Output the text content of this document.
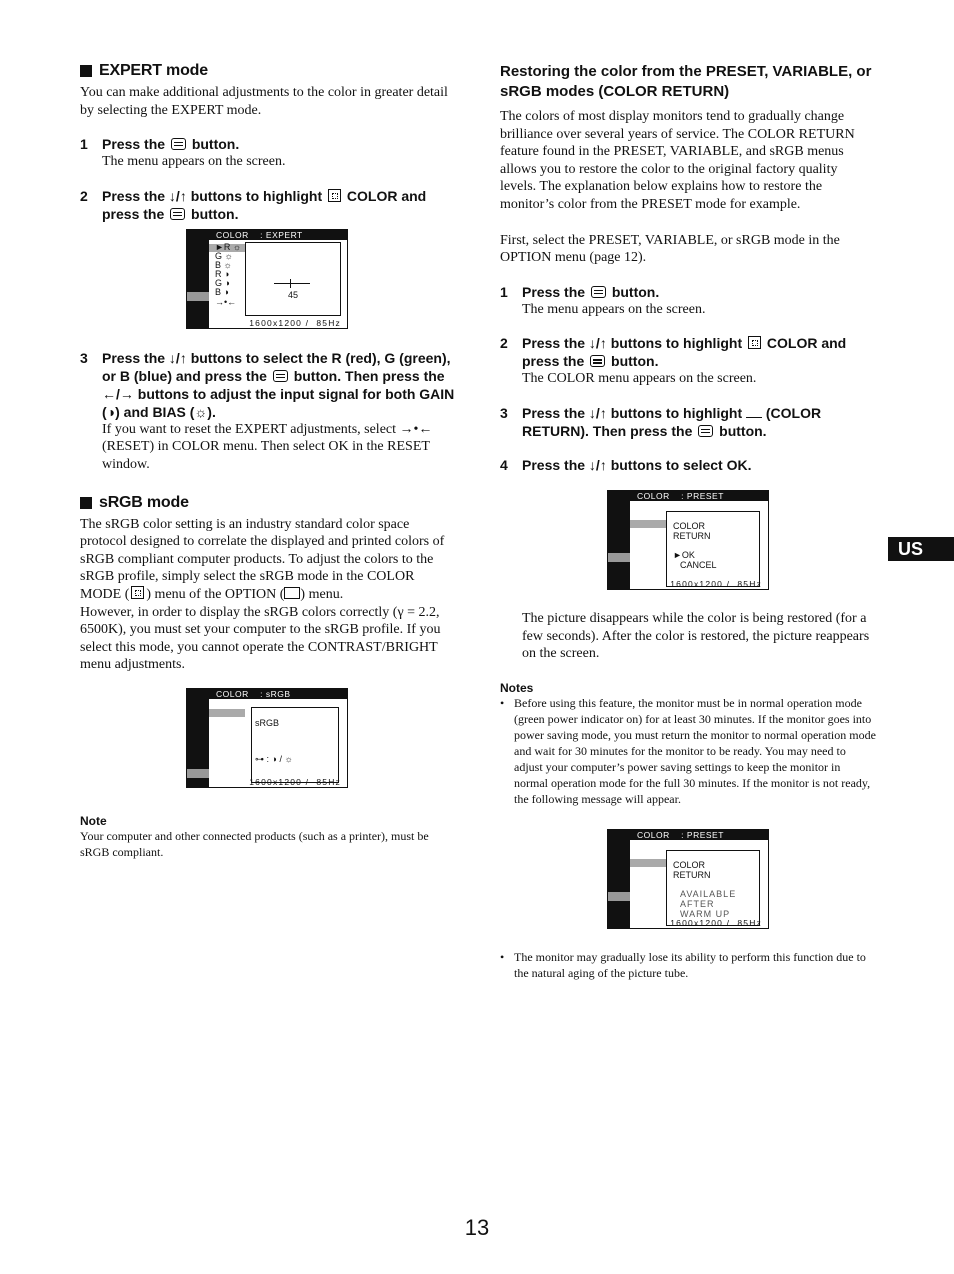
EXPERT mode

You can make additional adjustments to the color in greater detail by selecting the EXPERT mode.

1	Press the button.
The menu appears on the screen.
2	Press the ↓/↑ buttons to highlight COLOR and press the button.
COLOR    : EXPERT
►R ☼
G ☼
B ☼
R ◑
G ◑
B ◑
→•←
45
1600x1200 /  85Hz
3	Press the ↓/↑ buttons to select the R (red), G (green), or B (blue) and press the button. Then press the ←/→ buttons to adjust the input signal for both GAIN (◑) and BIAS (☼).
If you want to reset the EXPERT adjustments, select →•← (RESET) in COLOR menu. Then select OK in the RESET window.
sRGB mode

The sRGB color setting is an industry standard color space protocol designed to correlate the displayed and printed colors of sRGB compliant computer products. To adjust the colors to the sRGB profile, simply select the sRGB mode in the COLOR MODE ( ) menu of the OPTION ( ) menu.

However, in order to display the sRGB colors correctly (γ = 2.2, 6500K), you must set your computer to the sRGB profile. If you select this mode, you cannot operate the CONTRAST/BRIGHT menu adjustments.

COLOR    : sRGB
sRGB
⊶ : ◑ / ☼
1600x1200 /  85Hz

Note

Your computer and other connected products (such as a printer), must be sRGB compliant.

Restoring the color from the PRESET, VARIABLE, or sRGB modes (COLOR RETURN)

The colors of most display monitors tend to gradually change brilliance over several years of service. The COLOR RETURN feature found in the PRESET, VARIABLE, and sRGB menus allows you to restore the color to the original factory quality levels. The explanation below explains how to restore the monitor’s color from the PRESET mode for example.

First, select the PRESET, VARIABLE, or sRGB mode in the OPTION menu (page 12).

1	Press the button.
The menu appears on the screen.
2	Press the ↓/↑ buttons to highlight COLOR and press the button.
The COLOR menu appears on the screen.
3	Press the ↓/↑ buttons to highlight (COLOR RETURN). Then press the button.
4	Press the ↓/↑ buttons to select OK.
COLOR    : PRESET
COLOR
RETURN
►OK
CANCEL
1600x1200 /  85Hz

The picture disappears while the color is being restored (for a few seconds). After the color is restored, the picture reappears on the screen.

Notes

• Before using this feature, the monitor must be in normal operation mode (green power indicator on) for at least 30 minutes. If the monitor goes into power saving mode, you must return the monitor to normal operation mode and wait for 30 minutes for the monitor to be ready. You may need to adjust your computer’s power saving settings to keep the monitor in normal operation mode for the full 30 minutes. If the monitor is not ready, the following message will appear.
COLOR    : PRESET
COLOR
RETURN
AVAILABLE
AFTER
WARM UP
1600x1200 /  85Hz
• The monitor may gradually lose its ability to perform this function due to the natural aging of the picture tube.
US
13
